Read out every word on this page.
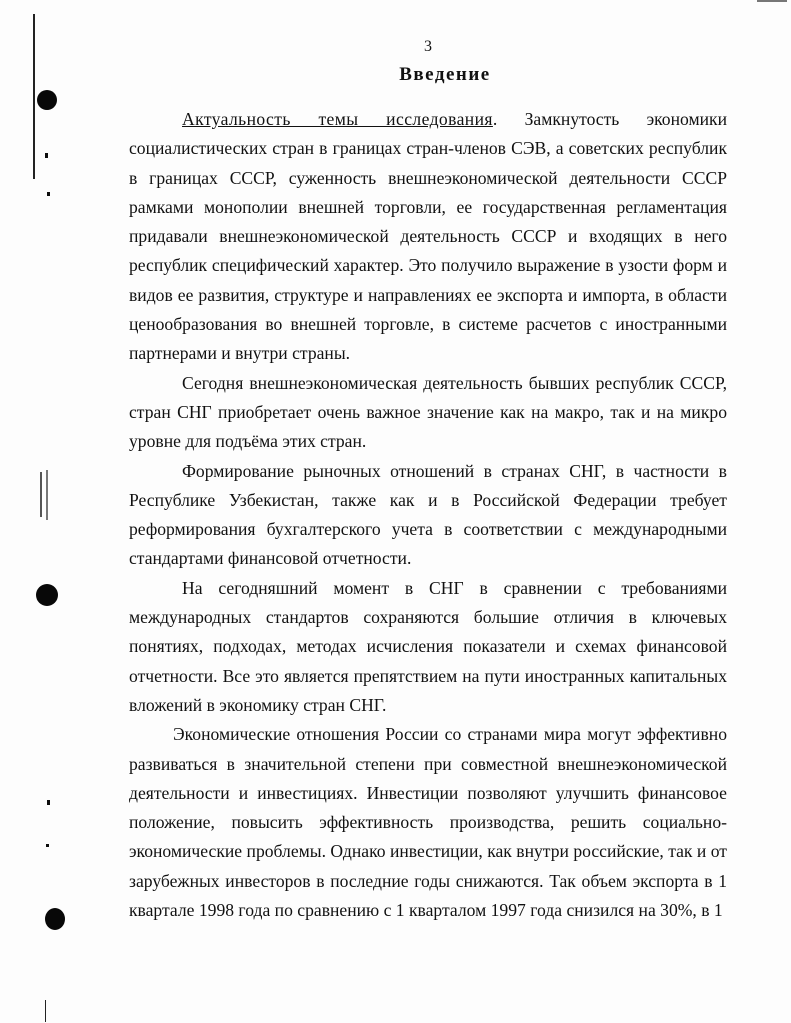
3
Введение

Актуальность темы исследования. Замкнутость экономики социалистических стран в границах стран-членов СЭВ, а советских республик в границах СССР, суженность внешнеэкономической деятельности СССР рамками монополии внешней торговли, ее государственная регламентация придавали внешнеэкономической деятельность СССР и входящих в него республик специфический характер. Это получило выражение в узости форм и видов ее развития, структуре и направлениях ее экспорта и импорта, в области ценообразования во внешней торговле, в системе расчетов с иностранными партнерами и внутри страны.

Сегодня внешнеэкономическая деятельность бывших республик СССР, стран СНГ приобретает очень важное значение как на макро, так и на микро уровне для подъёма этих стран.

Формирование рыночных отношений в странах СНГ, в частности в Республике Узбекистан, также как и в Российской Федерации требует реформирования бухгалтерского учета в соответствии с международными стандартами финансовой отчетности.

На сегодняшний момент в СНГ в сравнении с требованиями международных стандартов сохраняются большие отличия в ключевых понятиях, подходах, методах исчисления показатели и схемах финансовой отчетности. Все это является препятствием на пути иностранных капитальных вложений в экономику стран СНГ.

Экономические отношения России со странами мира могут эффективно развиваться в значительной степени при совместной внешнеэкономической деятельности и инвестициях. Инвестиции позволяют улучшить финансовое положение, повысить эффективность производства, решить социально-экономические проблемы. Однако инвестиции, как внутри российские, так и от зарубежных инвесторов в последние годы снижаются. Так объем экспорта в 1 квартале 1998 года по сравнению с 1 кварталом 1997 года снизился на 30%, в 1
